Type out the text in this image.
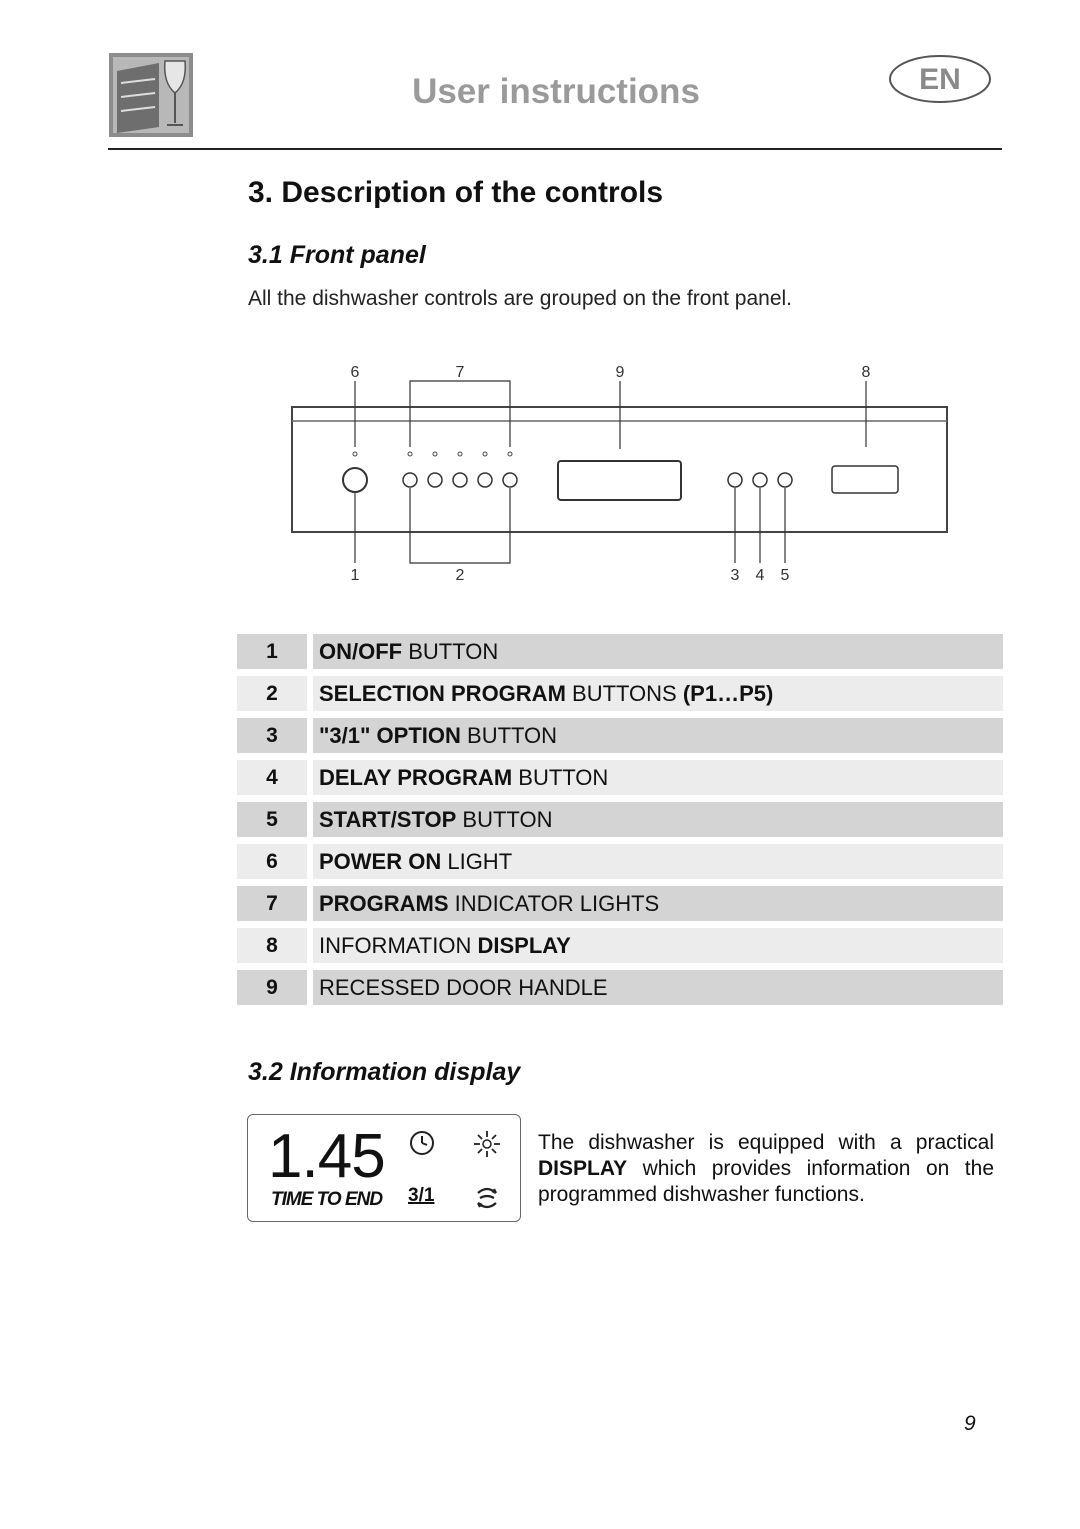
User instructions	EN
3. Description of the controls
3.1 Front panel
All the dishwasher controls are grouped on the front panel.
6	7	9	8
1	2	3 4 5
1	ON/OFF BUTTON
2	SELECTION PROGRAM BUTTONS (P1…P5)
3	"3/1" OPTION BUTTON
4	DELAY PROGRAM BUTTON
5	START/STOP BUTTON
6	POWER ON LIGHT
7	PROGRAMS INDICATOR LIGHTS
8	INFORMATION DISPLAY
9	RECESSED DOOR HANDLE
3.2 Information display
1.45
TIME TO END 3/1
The dishwasher is equipped with a practical DISPLAY which provides information on the programmed dishwasher functions.
9
